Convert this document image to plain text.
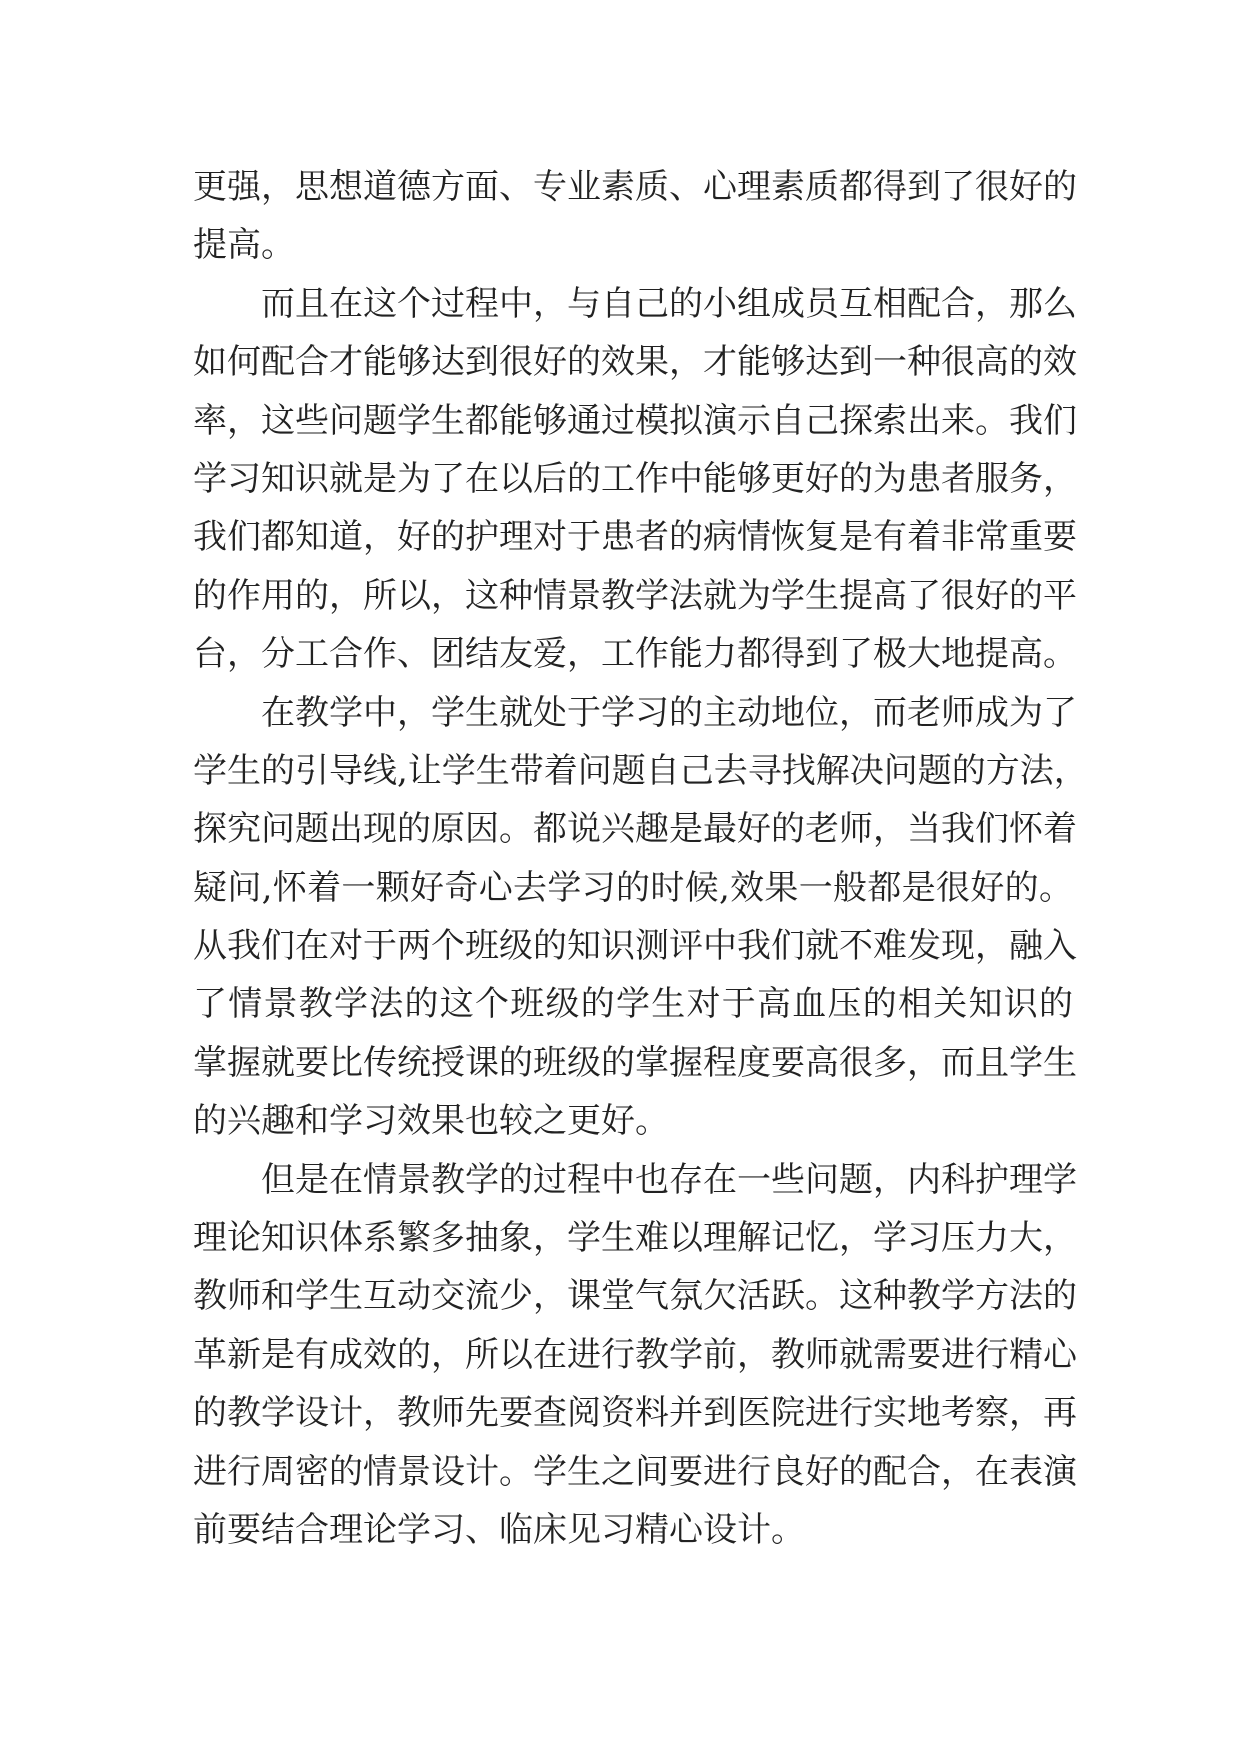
更强，思想道德方面、专业素质、心理素质都得到了很好的
提高。
而且在这个过程中，与自己的小组成员互相配合，那么
如何配合才能够达到很好的效果，才能够达到一种很高的效
率，这些问题学生都能够通过模拟演示自己探索出来。我们
学习知识就是为了在以后的工作中能够更好的为患者服务，
我们都知道，好的护理对于患者的病情恢复是有着非常重要
的作用的，所以，这种情景教学法就为学生提高了很好的平
台，分工合作、团结友爱，工作能力都得到了极大地提高。
在教学中，学生就处于学习的主动地位，而老师成为了
学生的引导线,让学生带着问题自己去寻找解决问题的方法，
探究问题出现的原因。都说兴趣是最好的老师，当我们怀着
疑问,怀着一颗好奇心去学习的时候,效果一般都是很好的。
从我们在对于两个班级的知识测评中我们就不难发现，融入
了情景教学法的这个班级的学生对于高血压的相关知识的
掌握就要比传统授课的班级的掌握程度要高很多，而且学生
的兴趣和学习效果也较之更好。
但是在情景教学的过程中也存在一些问题，内科护理学
理论知识体系繁多抽象，学生难以理解记忆，学习压力大，
教师和学生互动交流少，课堂气氛欠活跃。这种教学方法的
革新是有成效的，所以在进行教学前，教师就需要进行精心
的教学设计，教师先要查阅资料并到医院进行实地考察，再
进行周密的情景设计。学生之间要进行良好的配合，在表演
前要结合理论学习、临床见习精心设计。
